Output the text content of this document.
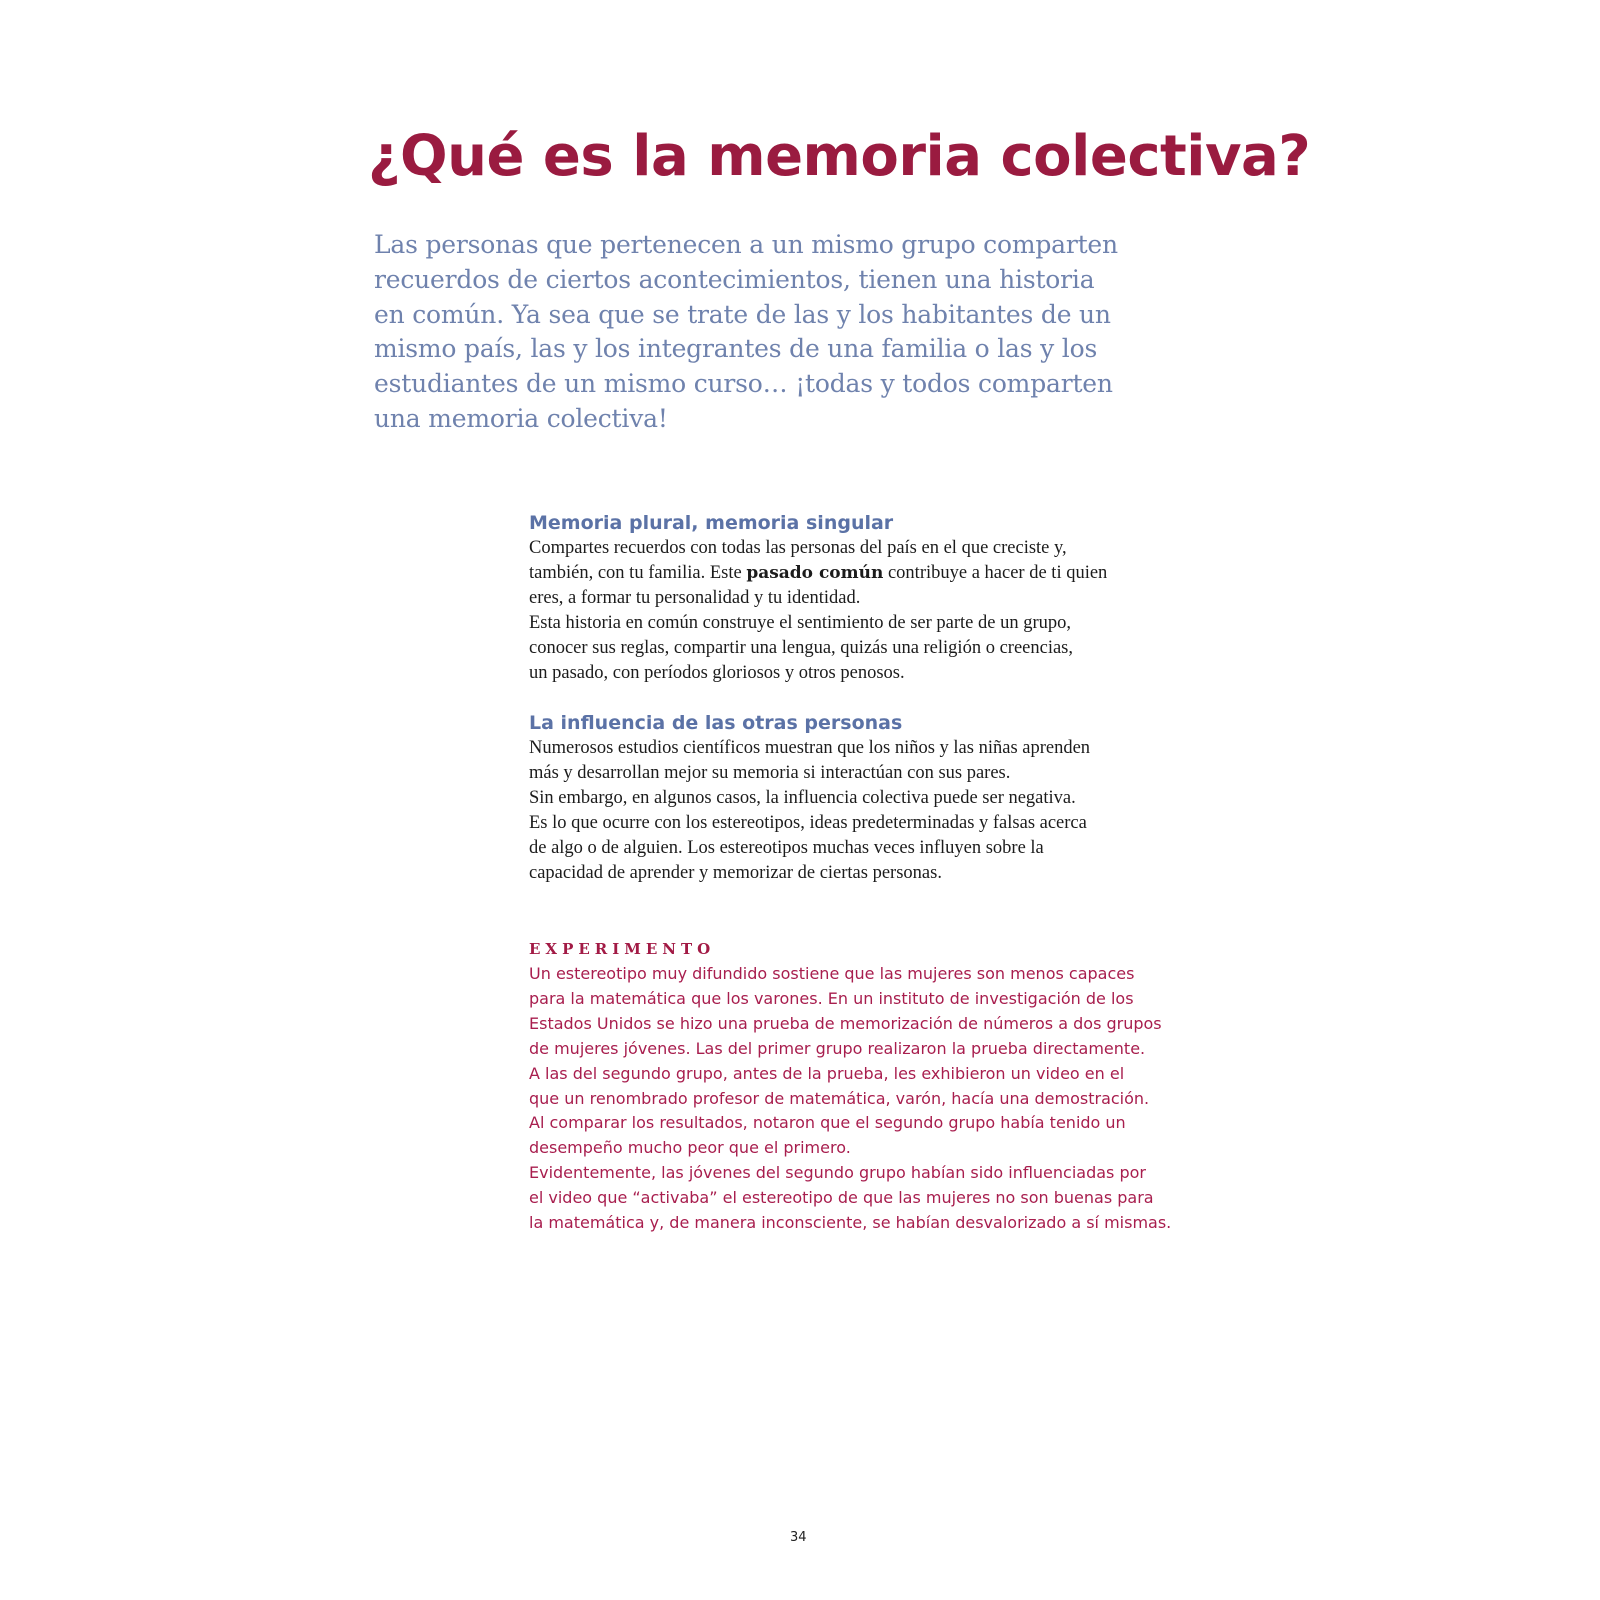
¿Qué es la memoria colectiva?

Las personas que pertenecen a un mismo grupo comparten
recuerdos de ciertos acontecimientos, tienen una historia
en común. Ya sea que se trate de las y los habitantes de un
mismo país, las y los integrantes de una familia o las y los
estudiantes de un mismo curso… ¡todas y todos comparten
una memoria colectiva!

Memoria plural, memoria singular

Compartes recuerdos con todas las personas del país en el que creciste y,
también, con tu familia. Este pasado común contribuye a hacer de ti quien
eres, a formar tu personalidad y tu identidad.
Esta historia en común construye el sentimiento de ser parte de un grupo,
conocer sus reglas, compartir una lengua, quizás una religión o creencias,
un pasado, con períodos gloriosos y otros penosos.

La influencia de las otras personas

Numerosos estudios científicos muestran que los niños y las niñas aprenden
más y desarrollan mejor su memoria si interactúan con sus pares.
Sin embargo, en algunos casos, la influencia colectiva puede ser negativa.
Es lo que ocurre con los estereotipos, ideas predeterminadas y falsas acerca
de algo o de alguien. Los estereotipos muchas veces influyen sobre la
capacidad de aprender y memorizar de ciertas personas.

EXPERIMENTO

Un estereotipo muy difundido sostiene que las mujeres son menos capaces
para la matemática que los varones. En un instituto de investigación de los
Estados Unidos se hizo una prueba de memorización de números a dos grupos
de mujeres jóvenes. Las del primer grupo realizaron la prueba directamente.
A las del segundo grupo, antes de la prueba, les exhibieron un video en el
que un renombrado profesor de matemática, varón, hacía una demostración.
Al comparar los resultados, notaron que el segundo grupo había tenido un
desempeño mucho peor que el primero.
Evidentemente, las jóvenes del segundo grupo habían sido influenciadas por
el video que “activaba” el estereotipo de que las mujeres no son buenas para
la matemática y, de manera inconsciente, se habían desvalorizado a sí mismas.

34
